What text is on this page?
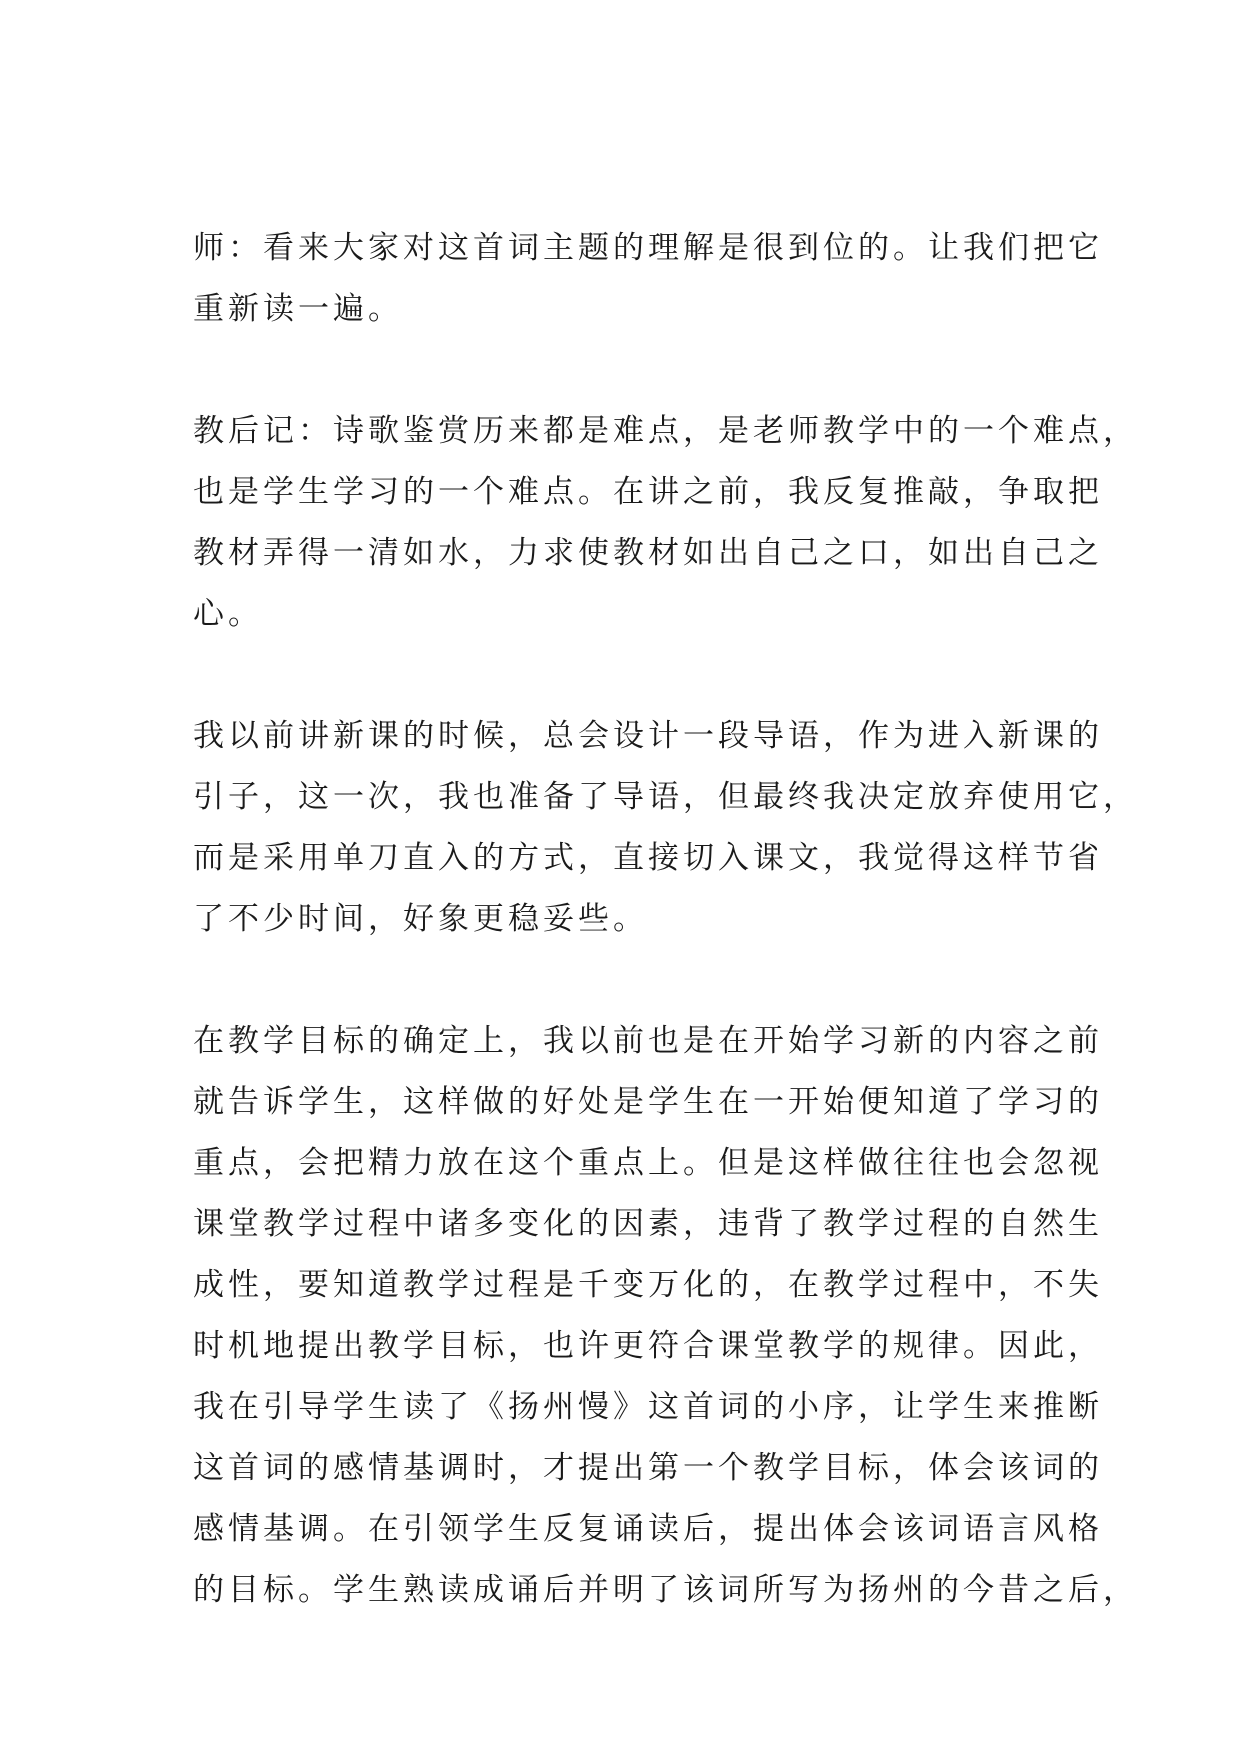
师：看来大家对这首词主题的理解是很到位的。让我们把它
重新读一遍。

教后记：诗歌鉴赏历来都是难点，是老师教学中的一个难点，
也是学生学习的一个难点。在讲之前，我反复推敲，争取把
教材弄得一清如水，力求使教材如出自己之口，如出自己之
心。

我以前讲新课的时候，总会设计一段导语，作为进入新课的
引子，这一次，我也准备了导语，但最终我决定放弃使用它，
而是采用单刀直入的方式，直接切入课文，我觉得这样节省
了不少时间，好象更稳妥些。

在教学目标的确定上，我以前也是在开始学习新的内容之前
就告诉学生，这样做的好处是学生在一开始便知道了学习的
重点，会把精力放在这个重点上。但是这样做往往也会忽视
课堂教学过程中诸多变化的因素，违背了教学过程的自然生
成性，要知道教学过程是千变万化的，在教学过程中，不失
时机地提出教学目标，也许更符合课堂教学的规律。因此，
我在引导学生读了《扬州慢》这首词的小序，让学生来推断
这首词的感情基调时，才提出第一个教学目标，体会该词的
感情基调。在引领学生反复诵读后，提出体会该词语言风格
的目标。学生熟读成诵后并明了该词所写为扬州的今昔之后，
